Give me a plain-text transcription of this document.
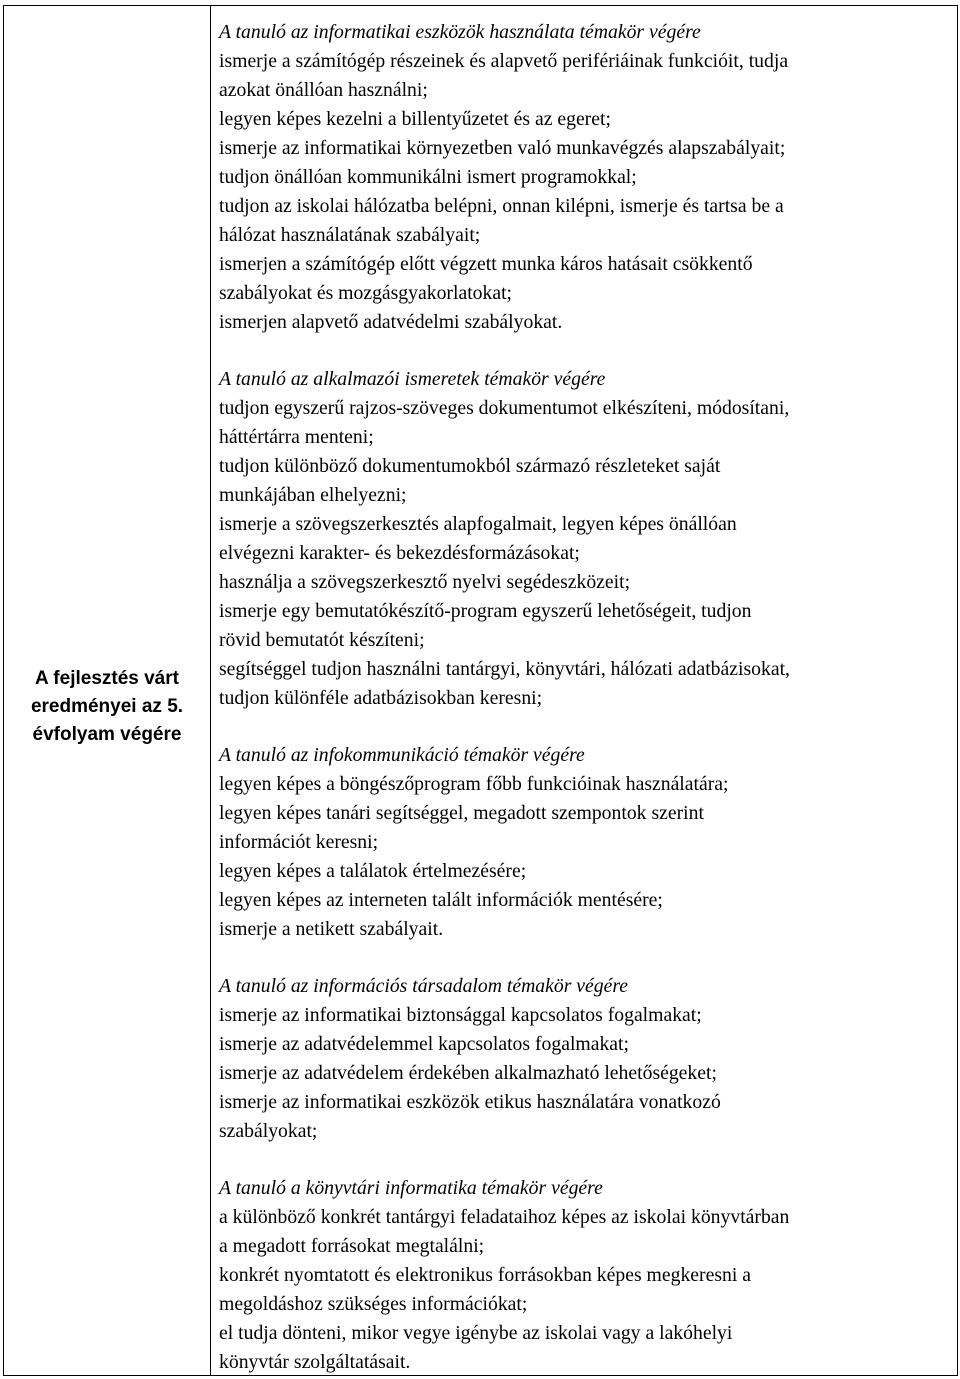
A fejlesztés várt
eredményei az 5.
évfolyam végére
A tanuló az informatikai eszközök használata témakör végére
ismerje a számítógép részeinek és alapvető perifériáinak funkcióit, tudja
azokat önállóan használni;
legyen képes kezelni a billentyűzetet és az egeret;
ismerje az informatikai környezetben való munkavégzés alapszabályait;
tudjon önállóan kommunikálni ismert programokkal;
tudjon az iskolai hálózatba belépni, onnan kilépni, ismerje és tartsa be a
hálózat használatának szabályait;
ismerjen a számítógép előtt végzett munka káros hatásait csökkentő
szabályokat és mozgásgyakorlatokat;
ismerjen alapvető adatvédelmi szabályokat.
A tanuló az alkalmazói ismeretek témakör végére
tudjon egyszerű rajzos-szöveges dokumentumot elkészíteni, módosítani,
háttértárra menteni;
tudjon különböző dokumentumokból származó részleteket saját
munkájában elhelyezni;
ismerje a szövegszerkesztés alapfogalmait, legyen képes önállóan
elvégezni karakter- és bekezdésformázásokat;
használja a szövegszerkesztő nyelvi segédeszközeit;
ismerje egy bemutatókészítő-program egyszerű lehetőségeit, tudjon
rövid bemutatót készíteni;
segítséggel tudjon használni tantárgyi, könyvtári, hálózati adatbázisokat,
tudjon különféle adatbázisokban keresni;
A tanuló az infokommunikáció témakör végére
legyen képes a böngészőprogram főbb funkcióinak használatára;
legyen képes tanári segítséggel, megadott szempontok szerint
információt keresni;
legyen képes a találatok értelmezésére;
legyen képes az interneten talált információk mentésére;
ismerje a netikett szabályait.
A tanuló az információs társadalom témakör végére
ismerje az informatikai biztonsággal kapcsolatos fogalmakat;
ismerje az adatvédelemmel kapcsolatos fogalmakat;
ismerje az adatvédelem érdekében alkalmazható lehetőségeket;
ismerje az informatikai eszközök etikus használatára vonatkozó
szabályokat;
A tanuló a könyvtári informatika témakör végére
a különböző konkrét tantárgyi feladataihoz képes az iskolai könyvtárban
a megadott forrásokat megtalálni;
konkrét nyomtatott és elektronikus forrásokban képes megkeresni a
megoldáshoz szükséges információkat;
el tudja dönteni, mikor vegye igénybe az iskolai vagy a lakóhelyi
könyvtár szolgáltatásait.
